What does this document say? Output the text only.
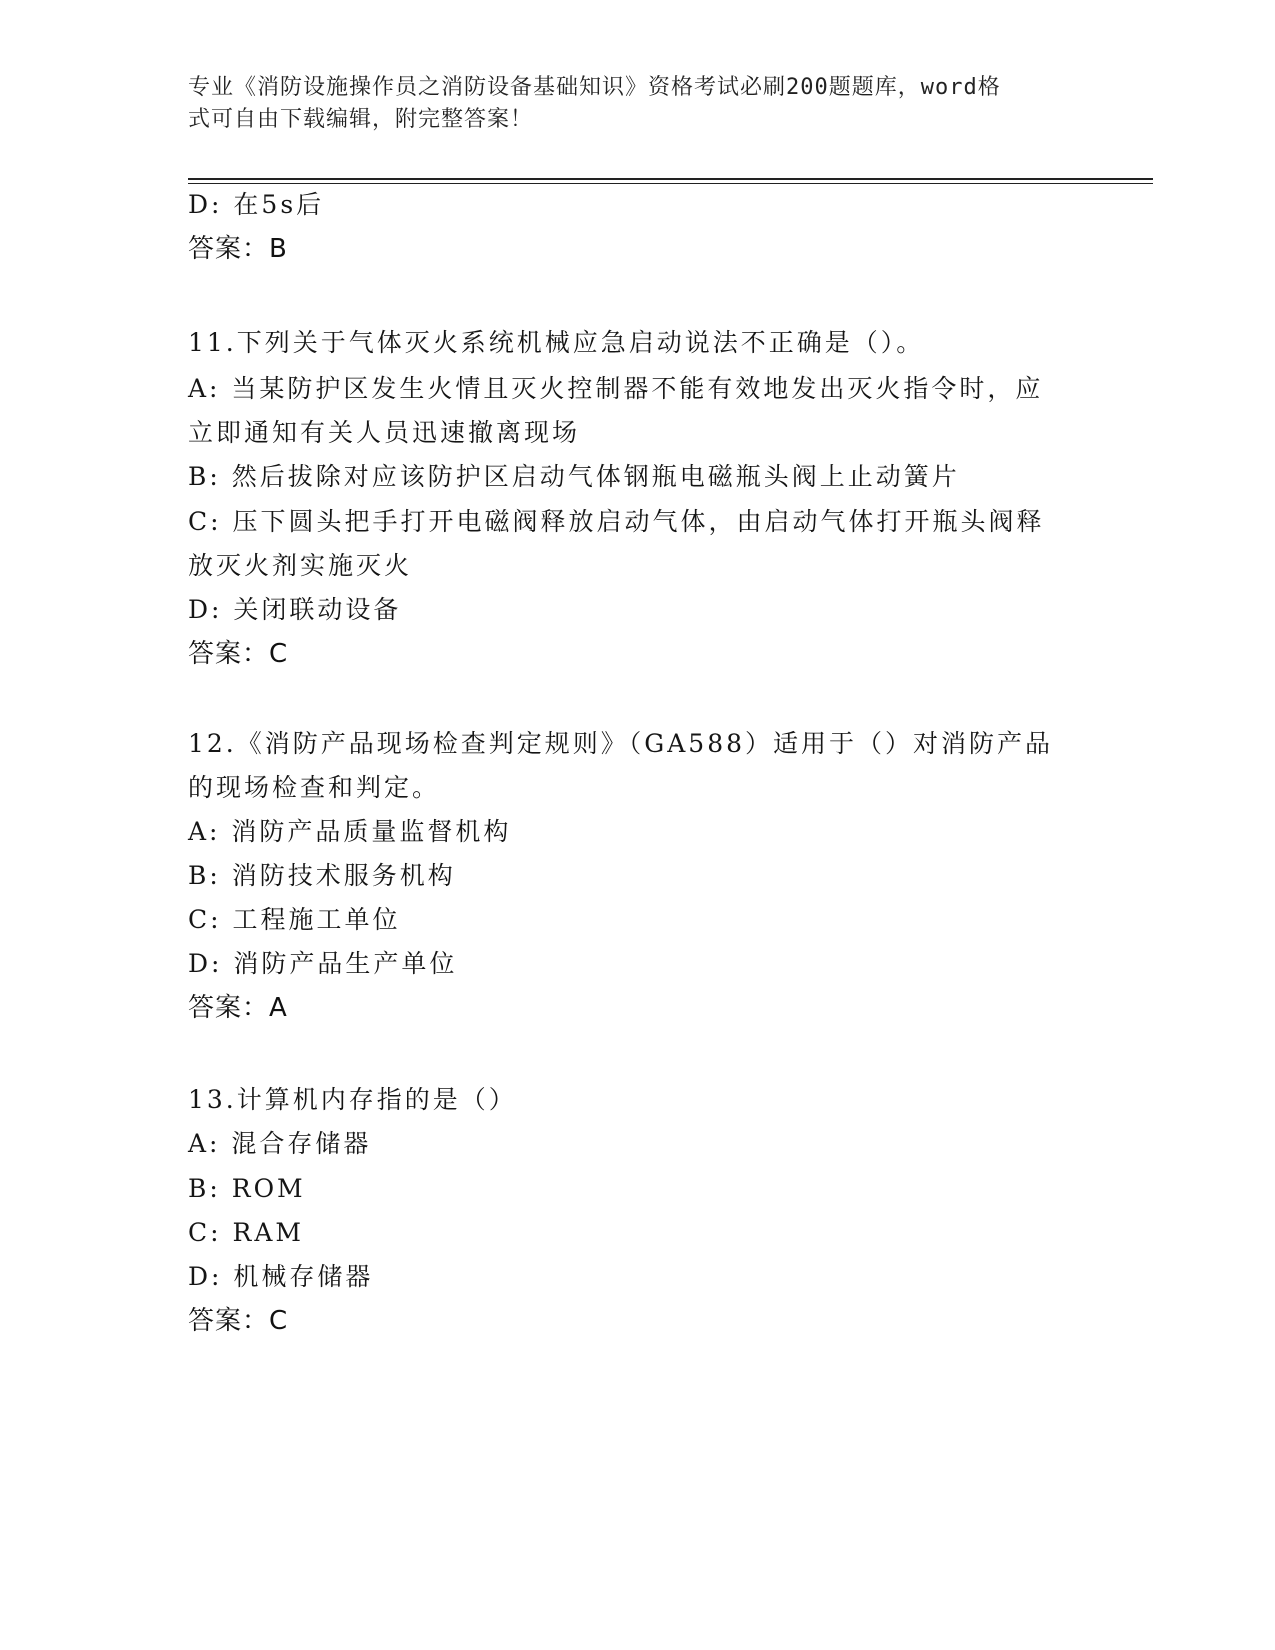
专业《消防设施操作员之消防设备基础知识》资格考试必刷200题题库，word格
式可自由下载编辑，附完整答案！

D: 在5s后

答案：B

11.下列关于气体灭火系统机械应急启动说法不正确是（）。

A: 当某防护区发生火情且灭火控制器不能有效地发出灭火指令时，应

立即通知有关人员迅速撤离现场

B: 然后拔除对应该防护区启动气体钢瓶电磁瓶头阀上止动簧片

C: 压下圆头把手打开电磁阀释放启动气体，由启动气体打开瓶头阀释

放灭火剂实施灭火

D: 关闭联动设备

答案：C

12.《消防产品现场检查判定规则》（GA588）适用于（）对消防产品

的现场检查和判定。

A: 消防产品质量监督机构

B: 消防技术服务机构

C: 工程施工单位

D: 消防产品生产单位

答案：A

13.计算机内存指的是（）

A: 混合存储器

B: ROM

C: RAM

D: 机械存储器

答案：C
